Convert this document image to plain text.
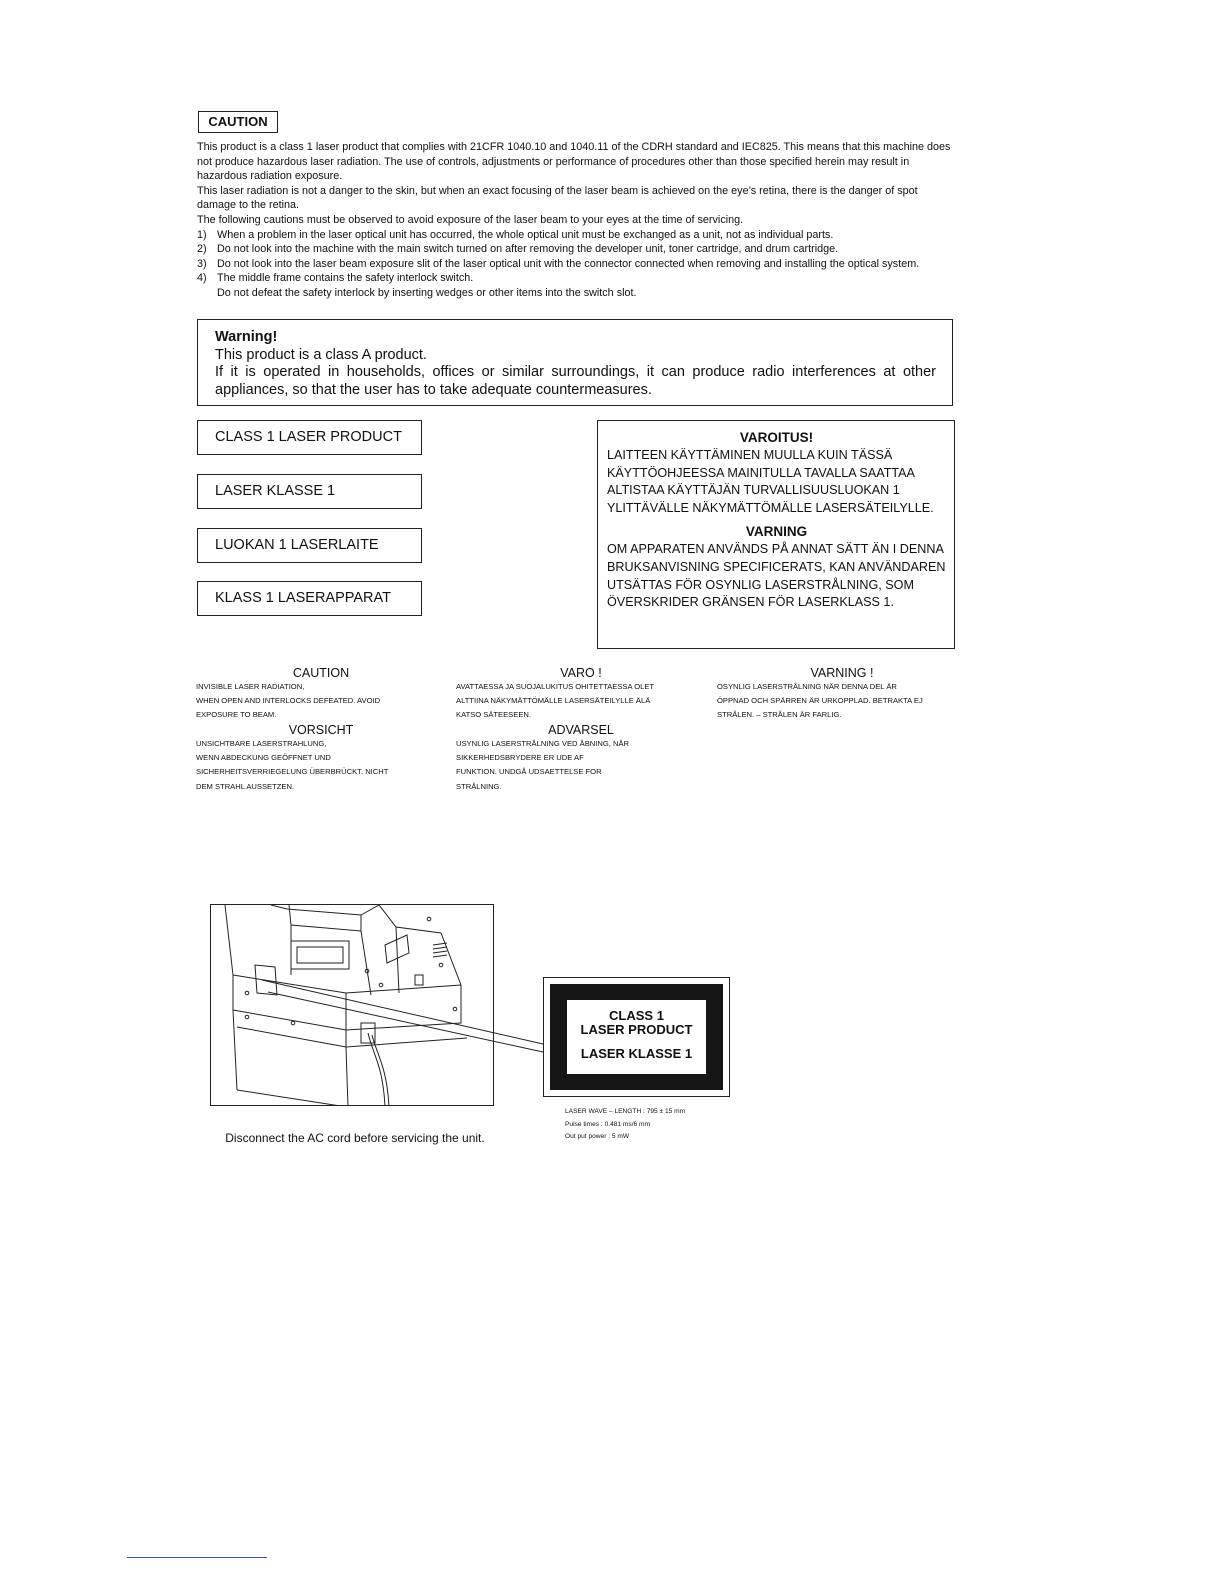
CAUTION

This product is a class 1 laser product that complies with 21CFR 1040.10 and 1040.11 of the CDRH standard and IEC825. This means that this machine does not produce hazardous laser radiation. The use of controls, adjustments or performance of procedures other than those specified herein may result in hazardous radiation exposure.

This laser radiation is not a danger to the skin, but when an exact focusing of the laser beam is achieved on the eye’s retina, there is the danger of spot damage to the retina.

The following cautions must be observed to avoid exposure of the laser beam to your eyes at the time of servicing.

1) When a problem in the laser optical unit has occurred, the whole optical unit must be exchanged as a unit, not as individual parts.
2) Do not look into the machine with the main switch turned on after removing the developer unit, toner cartridge, and drum cartridge.
3) Do not look into the laser beam exposure slit of the laser optical unit with the connector connected when removing and installing the optical system.
4) The middle frame contains the safety interlock switch.
Do not defeat the safety interlock by inserting wedges or other items into the switch slot.
Warning!
This product is a class A product.
If it is operated in households, offices or similar surroundings, it can produce radio interferences at other appliances, so that the user has to take adequate countermeasures.
CLASS 1 LASER PRODUCT
LASER KLASSE 1
LUOKAN 1 LASERLAITE
KLASS 1 LASERAPPARAT
VAROITUS!
LAITTEEN KÄYTTÄMINEN MUULLA KUIN TÄSSÄ KÄYTTÖOHJEESSA MAINITULLA TAVALLA SAATTAA ALTISTAA KÄYTTÄJÄN TURVALLISUUSLUOKAN 1 YLITTÄVÄLLE NÄKYMÄTTÖMÄLLE LASERSÄTEILYLLE.
VARNING
OM APPARATEN ANVÄNDS PÅ ANNAT SÄTT ÄN I DENNA BRUKSANVISNING SPECIFICERATS, KAN ANVÄNDAREN UTSÄTTAS FÖR OSYNLIG LASERSTRÅLNING, SOM ÖVERSKRIDER GRÄNSEN FÖR LASERKLASS 1.
CAUTION
INVISIBLE LASER RADIATION,
WHEN OPEN AND INTERLOCKS DEFEATED. AVOID
EXPOSURE TO BEAM.
VARO !
AVATTAESSA JA SUOJALUKITUS OHITETTAESSA OLET
ALTTIINA NÄKYMÄTTÖMÄLLE LASERSÄTEILYLLE ÄLÄ
KATSO SÄTEESEEN.
VARNING !
OSYNLIG LASERSTRÅLNING NÄR DENNA DEL ÄR
ÖPPNAD OCH SPÄRREN ÄR URKOPPLAD. BETRAKTA EJ
STRÅLEN. – STRÅLEN ÄR FARLIG.
VORSICHT
UNSICHTBARE LASERSTRAHLUNG,
WENN ABDECKUNG GEÖFFNET UND
SICHERHEITSVERRIEGELUNG ÜBERBRÜCKT. NICHT
DEM STRAHL AUSSETZEN.
ADVARSEL
USYNLIG LASERSTRÅLNING VED ÅBNING, NÅR
SIKKERHEDSBRYDERE ER UDE AF
FUNKTION. UNDGÅ UDSAETTELSE FOR
STRÅLNING.
Disconnect the AC cord before servicing the unit.
CLASS 1
LASER PRODUCT
LASER KLASSE 1
LASER WAVE – LENGTH : 795 ± 15 mm
Pulse times : 0.481 ms/6 mm
Out put power : 5 mW
